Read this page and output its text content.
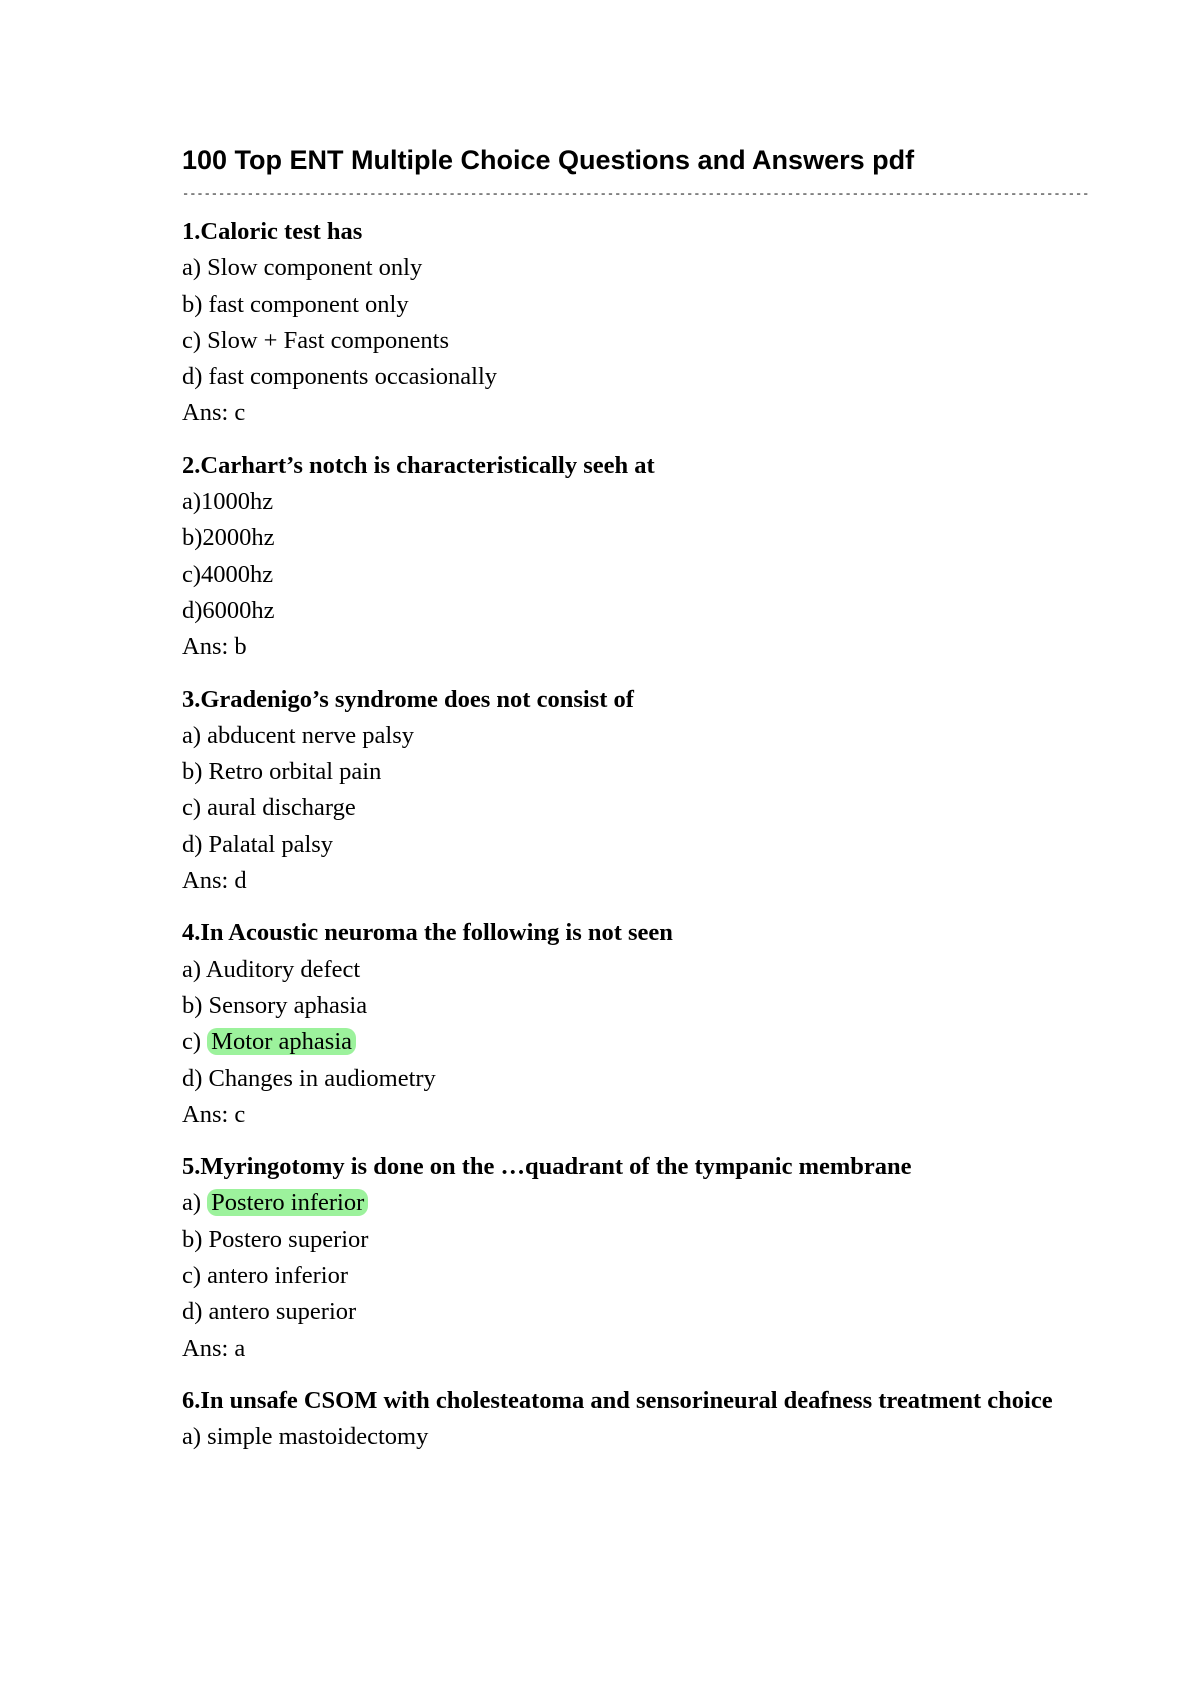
100 Top ENT Multiple Choice Questions and Answers pdf
------------------------------------------------------------------------------------------------------------------------------
1.Caloric test has
a) Slow component only
b) fast component only
c) Slow + Fast components
d) fast components occasionally
Ans: c
2.Carhart’s notch is characteristically seeh at
a)1000hz
b)2000hz
c)4000hz
d)6000hz
Ans: b
3.Gradenigo’s syndrome does not consist of
a) abducent nerve palsy
b) Retro orbital pain
c) aural discharge
d) Palatal palsy
Ans: d
4.In Acoustic neuroma the following is not seen
a) Auditory defect
b) Sensory aphasia
c) Motor aphasia
d) Changes in audiometry
Ans: c
5.Myringotomy is done on the …quadrant of the tympanic membrane
a) Postero inferior
b) Postero superior
c) antero inferior
d) antero superior
Ans: a
6.In unsafe CSOM with cholesteatoma and sensorineural deafness treatment choice
a) simple mastoidectomy
